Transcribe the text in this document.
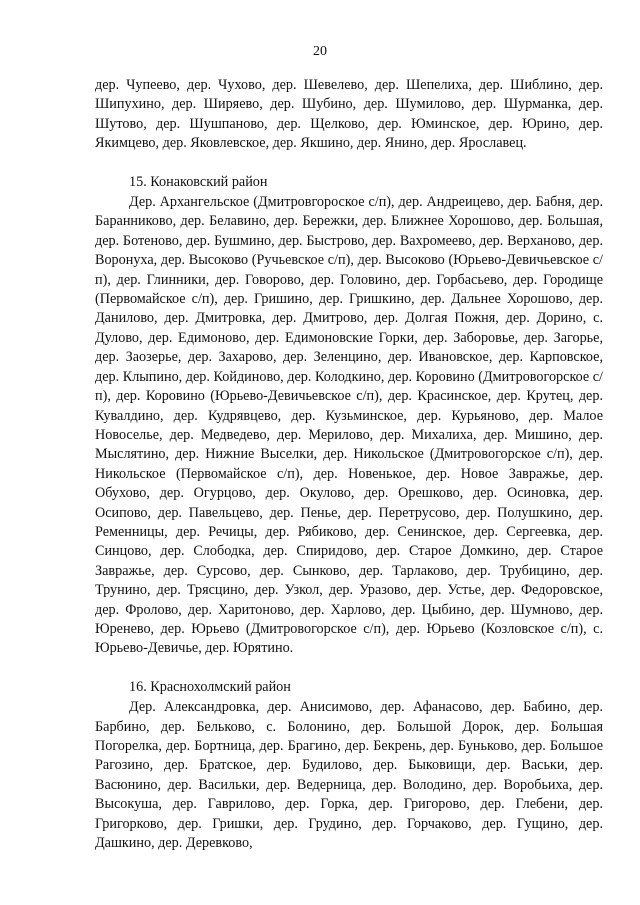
20

дер. Чупеево, дер. Чухово, дер. Шевелево, дер. Шепелиха, дер. Шиблино, дер. Шипухино, дер. Ширяево, дер. Шубино, дер. Шумилово, дер. Шурманка, дер. Шутово, дер. Шушпаново, дер. Щелково, дер. Юминское, дер. Юрино, дер. Якимцево, дер. Яковлевское, дер. Якшино, дер. Янино, дер. Ярославец.

15. Конаковский район

Дер. Архангельское (Дмитровгороское с/п), дер. Андреицево, дер. Бабня, дер. Баранниково, дер. Белавино, дер. Бережки, дер. Ближнее Хорошово, дер. Большая, дер. Ботеново, дер. Бушмино, дер. Быстрово, дер. Вахромеево, дер. Верханово, дер. Воронуха, дер. Высоково (Ручьевское с/п), дер. Высоково (Юрьево-Девичьевское с/п), дер. Глинники, дер. Говорово, дер. Головино, дер. Горбасьево, дер. Городище (Первомайское с/п), дер. Гришино, дер. Гришкино, дер. Дальнее Хорошово, дер. Данилово, дер. Дмитровка, дер. Дмитрово, дер. Долгая Пожня, дер. Дорино, с. Дулово, дер. Едимоново, дер. Едимоновские Горки, дер. Заборовье, дер. Загорье, дер. Заозерье, дер. Захарово, дер. Зеленцино, дер. Ивановское, дер. Карповское, дер. Клыпино, дер. Койдиново, дер. Колодкино, дер. Коровино (Дмитровогорское с/п), дер. Коровино (Юрьево-Девичьевское с/п), дер. Красинское, дер. Крутец, дер. Кувалдино, дер. Кудрявцево, дер. Кузьминское, дер. Курьяново, дер. Малое Новоселье, дер. Медведево, дер. Мерилово, дер. Михалиха, дер. Мишино, дер. Мыслятино, дер. Нижние Выселки, дер. Никольское (Дмитровогорское с/п), дер. Никольское (Первомайское с/п), дер. Новенькое, дер. Новое Завражье, дер. Обухово, дер. Огурцово, дер. Окулово, дер. Орешково, дер. Осиновка, дер. Осипово, дер. Павельцево, дер. Пенье, дер. Перетрусово, дер. Полушкино, дер. Ременницы, дер. Речицы, дер. Рябиково, дер. Сенинское, дер. Сергеевка, дер. Синцово, дер. Слободка, дер. Спиридово, дер. Старое Домкино, дер. Старое Завражье, дер. Сурсово, дер. Сынково, дер. Тарлаково, дер. Трубицино, дер. Трунино, дер. Трясцино, дер. Узкол, дер. Уразово, дер. Устье, дер. Федоровское, дер. Фролово, дер. Харитоново, дер. Харлово, дер. Цыбино, дер. Шумново, дер. Юренево, дер. Юрьево (Дмитровогорское с/п), дер. Юрьево (Козловское с/п), с. Юрьево-Девичье, дер. Юрятино.

16. Краснохолмский район

Дер. Александровка, дер. Анисимово, дер. Афанасово, дер. Бабино, дер. Барбино, дер. Бельково, с. Болонино, дер. Большой Дорок, дер. Большая Погорелка, дер. Бортница, дер. Брагино, дер. Бекрень, дер. Буньково, дер. Большое Рагозино, дер. Братское, дер. Будилово, дер. Быковищи, дер. Васьки, дер. Васюнино, дер. Васильки, дер. Ведерница, дер. Володино, дер. Воробьиха, дер. Высокуша, дер. Гаврилово, дер. Горка, дер. Григорово, дер. Глебени, дер. Григорково, дер. Гришки, дер. Грудино, дер. Горчаково, дер. Гущино, дер. Дашкино, дер. Деревково,
